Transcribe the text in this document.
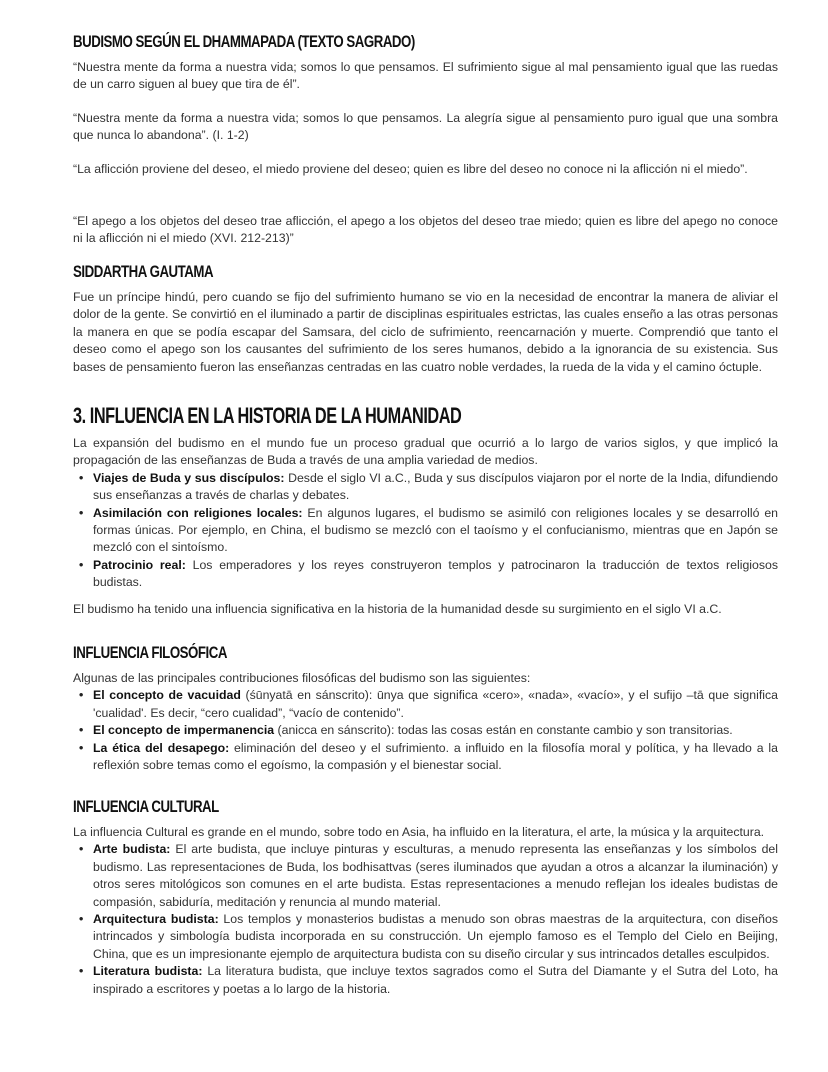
BUDISMO SEGÚN EL DHAMMAPADA (TEXTO SAGRADO)

“Nuestra mente da forma a nuestra vida; somos lo que pensamos. El sufrimiento sigue al mal pensamiento igual que las ruedas de un carro siguen al buey que tira de él”.

“Nuestra mente da forma a nuestra vida; somos lo que pensamos. La alegría sigue al pensamiento puro igual que una sombra que nunca lo abandona”. (I. 1-2)

“La aflicción proviene del deseo, el miedo proviene del deseo; quien es libre del deseo no conoce ni la aflicción ni el miedo”.

“El apego a los objetos del deseo trae aflicción, el apego a los objetos del deseo trae miedo; quien es libre del apego no conoce ni la aflicción ni el miedo (XVI. 212-213)”

SIDDARTHA GAUTAMA

Fue un príncipe hindú, pero cuando se fijo del sufrimiento humano se vio en la necesidad de encontrar la manera de aliviar el dolor de la gente. Se convirtió en el iluminado a partir de disciplinas espirituales estrictas, las cuales enseño a las otras personas la manera en que se podía escapar del Samsara, del ciclo de sufrimiento, reencarnación y muerte. Comprendió que tanto el deseo como el apego son los causantes del sufrimiento de los seres humanos, debido a la ignorancia de su existencia. Sus bases de pensamiento fueron las enseñanzas centradas en las cuatro noble verdades, la rueda de la vida y el camino óctuple.

3. INFLUENCIA EN LA HISTORIA DE LA HUMANIDAD

La expansión del budismo en el mundo fue un proceso gradual que ocurrió a lo largo de varios siglos, y que implicó la propagación de las enseñanzas de Buda a través de una amplia variedad de medios.

• Viajes de Buda y sus discípulos: Desde el siglo VI a.C., Buda y sus discípulos viajaron por el norte de la India, difundiendo sus enseñanzas a través de charlas y debates.
• Asimilación con religiones locales: En algunos lugares, el budismo se asimiló con religiones locales y se desarrolló en formas únicas. Por ejemplo, en China, el budismo se mezcló con el taoísmo y el confucianismo, mientras que en Japón se mezcló con el sintoísmo.
• Patrocinio real: Los emperadores y los reyes construyeron templos y patrocinaron la traducción de textos religiosos budistas.

El budismo ha tenido una influencia significativa en la historia de la humanidad desde su surgimiento en el siglo VI a.C.

INFLUENCIA FILOSÓFICA

Algunas de las principales contribuciones filosóficas del budismo son las siguientes:

• El concepto de vacuidad (śūnyatā en sánscrito): ūnya que significa «cero», «nada», «vacío», y el sufijo –tā que significa 'cualidad'. Es decir, “cero cualidad”, “vacío de contenido”.
• El concepto de impermanencia (anicca en sánscrito): todas las cosas están en constante cambio y son transitorias.
• La ética del desapego: eliminación del deseo y el sufrimiento. a influido en la filosofía moral y política, y ha llevado a la reflexión sobre temas como el egoísmo, la compasión y el bienestar social.
INFLUENCIA CULTURAL

La influencia Cultural es grande en el mundo, sobre todo en Asia, ha influido en la literatura, el arte, la música y la arquitectura.

• Arte budista: El arte budista, que incluye pinturas y esculturas, a menudo representa las enseñanzas y los símbolos del budismo. Las representaciones de Buda, los bodhisattvas (seres iluminados que ayudan a otros a alcanzar la iluminación) y otros seres mitológicos son comunes en el arte budista. Estas representaciones a menudo reflejan los ideales budistas de compasión, sabiduría, meditación y renuncia al mundo material.
• Arquitectura budista: Los templos y monasterios budistas a menudo son obras maestras de la arquitectura, con diseños intrincados y simbología budista incorporada en su construcción. Un ejemplo famoso es el Templo del Cielo en Beijing, China, que es un impresionante ejemplo de arquitectura budista con su diseño circular y sus intrincados detalles esculpidos.
• Literatura budista: La literatura budista, que incluye textos sagrados como el Sutra del Diamante y el Sutra del Loto, ha inspirado a escritores y poetas a lo largo de la historia.
